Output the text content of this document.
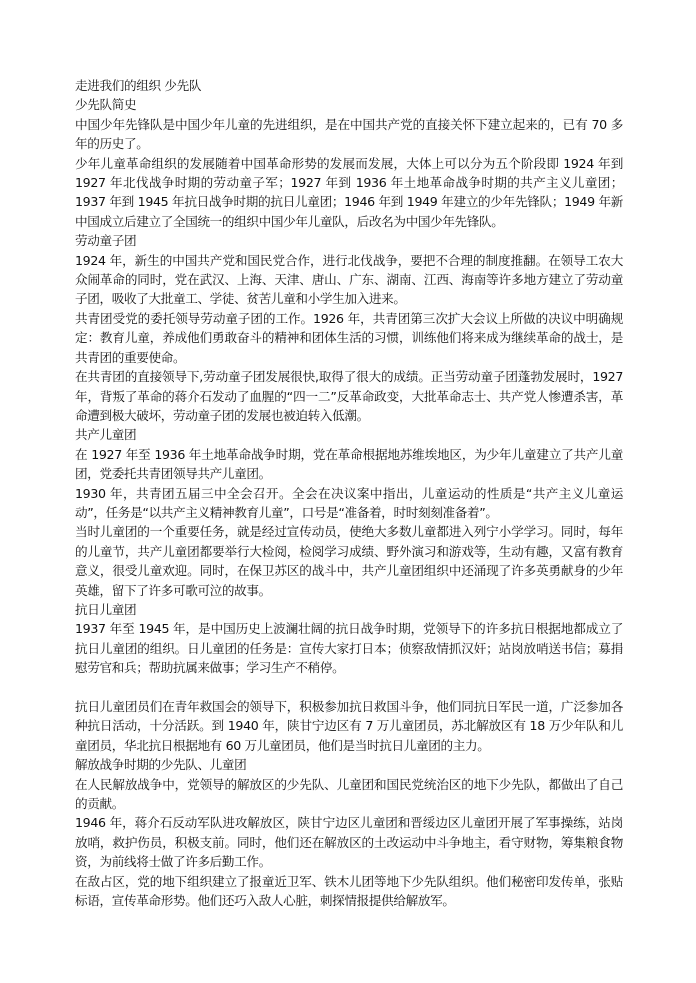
走进我们的组织 少先队

少先队简史

中国少年先锋队是中国少年儿童的先进组织，是在中国共产党的直接关怀下建立起来的，已有 70 多年的历史了。

少年儿童革命组织的发展随着中国革命形势的发展而发展，大体上可以分为五个阶段即 1924 年到 1927 年北伐战争时期的劳动童子军；1927 年到 1936 年土地革命战争时期的共产主义儿童团；1937 年到 1945 年抗日战争时期的抗日儿童团；1946 年到 1949 年建立的少年先锋队；1949 年新中国成立后建立了全国统一的组织中国少年儿童队，后改名为中国少年先锋队。

劳动童子团

1924 年，新生的中国共产党和国民党合作，进行北伐战争，要把不合理的制度推翻。在领导工农大众闹革命的同时，党在武汉、上海、天津、唐山、广东、湖南、江西、海南等许多地方建立了劳动童子团，吸收了大批童工、学徒、贫苦儿童和小学生加入进来。

共青团受党的委托领导劳动童子团的工作。1926 年，共青团第三次扩大会议上所做的决议中明确规定：教育儿童，养成他们勇敢奋斗的精神和团体生活的习惯，训练他们将来成为继续革命的战士，是共青团的重要使命。

在共青团的直接领导下,劳动童子团发展很快,取得了很大的成绩。正当劳动童子团蓬勃发展时，1927 年，背叛了革命的蒋介石发动了血腥的“四一二”反革命政变，大批革命志士、共产党人惨遭杀害，革命遭到极大破坏，劳动童子团的发展也被迫转入低潮。

共产儿童团

在 1927 年至 1936 年土地革命战争时期，党在革命根据地苏维埃地区，为少年儿童建立了共产儿童团，党委托共青团领导共产儿童团。

1930 年，共青团五届三中全会召开。全会在决议案中指出，儿童运动的性质是“共产主义儿童运动”，任务是“以共产主义精神教育儿童”，口号是“准备着，时时刻刻准备着”。

当时儿童团的一个重要任务，就是经过宣传动员，使绝大多数儿童都进入列宁小学学习。同时，每年的儿童节，共产儿童团都要举行大检阅，检阅学习成绩、野外演习和游戏等，生动有趣，又富有教育意义，很受儿童欢迎。同时，在保卫苏区的战斗中，共产儿童团组织中还涌现了许多英勇献身的少年英雄，留下了许多可歌可泣的故事。

抗日儿童团

1937 年至 1945 年，是中国历史上波澜壮阔的抗日战争时期，党领导下的许多抗日根据地都成立了抗日儿童团的组织。日儿童团的任务是：宣传大家打日本；侦察敌情抓汉奸；站岗放哨送书信；募捐慰劳官和兵；帮助抗属来做事；学习生产不稍停。

抗日儿童团员们在青年救国会的领导下，积极参加抗日救国斗争，他们同抗日军民一道，广泛参加各种抗日活动，十分活跃。到 1940 年，陕甘宁边区有 7 万儿童团员，苏北解放区有 18 万少年队和儿童团员，华北抗日根据地有 60 万儿童团员，他们是当时抗日儿童团的主力。

解放战争时期的少先队、儿童团

在人民解放战争中，党领导的解放区的少先队、儿童团和国民党统治区的地下少先队，都做出了自己的贡献。

1946 年，蒋介石反动军队进攻解放区，陕甘宁边区儿童团和晋绥边区儿童团开展了军事操练，站岗放哨，救护伤员，积极支前。同时，他们还在解放区的土改运动中斗争地主，看守财物，筹集粮食物资，为前线将士做了许多后勤工作。

在敌占区，党的地下组织建立了报童近卫军、铁木儿团等地下少先队组织。他们秘密印发传单，张贴标语，宣传革命形势。他们还巧入敌人心脏，刺探情报提供给解放军。
